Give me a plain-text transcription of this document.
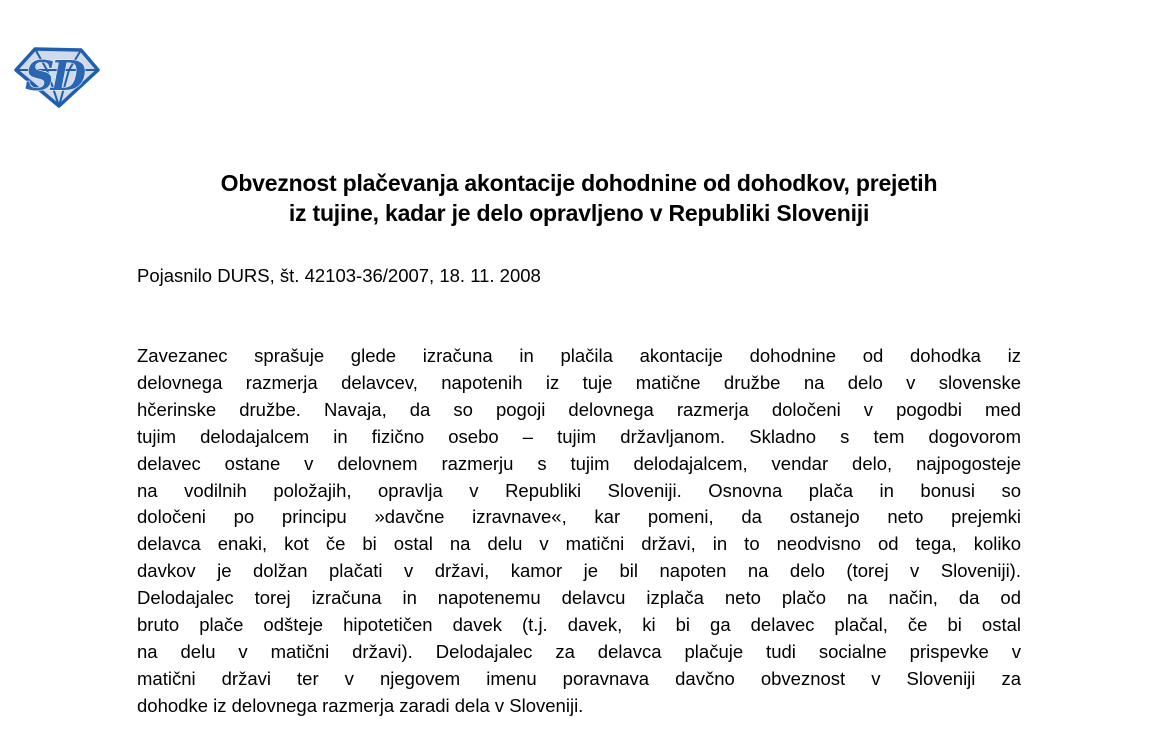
SD
Obveznost plačevanja akontacije dohodnine od dohodkov, prejetih
iz tujine, kadar je delo opravljeno v Republiki Sloveniji

Pojasnilo DURS, št. 42103-36/2007, 18. 11. 2008

Zavezanec sprašuje glede izračuna in plačila akontacije dohodnine od dohodka iz
delovnega razmerja delavcev, napotenih iz tuje matične družbe na delo v slovenske
hčerinske družbe. Navaja, da so pogoji delovnega razmerja določeni v pogodbi med
tujim delodajalcem in fizično osebo – tujim državljanom. Skladno s tem dogovorom
delavec ostane v delovnem razmerju s tujim delodajalcem, vendar delo, najpogosteje
na vodilnih položajih, opravlja v Republiki Sloveniji. Osnovna plača in bonusi so
določeni po principu »davčne izravnave«, kar pomeni, da ostanejo neto prejemki
delavca enaki, kot če bi ostal na delu v matični državi, in to neodvisno od tega, koliko
davkov je dolžan plačati v državi, kamor je bil napoten na delo (torej v Sloveniji).
Delodajalec torej izračuna in napotenemu delavcu izplača neto plačo na način, da od
bruto plače odšteje hipotetičen davek (t.j. davek, ki bi ga delavec plačal, če bi ostal
na delu v matični državi). Delodajalec za delavca plačuje tudi socialne prispevke v
matični državi ter v njegovem imenu poravnava davčno obveznost v Sloveniji za
dohodke iz delovnega razmerja zaradi dela v Sloveniji.
